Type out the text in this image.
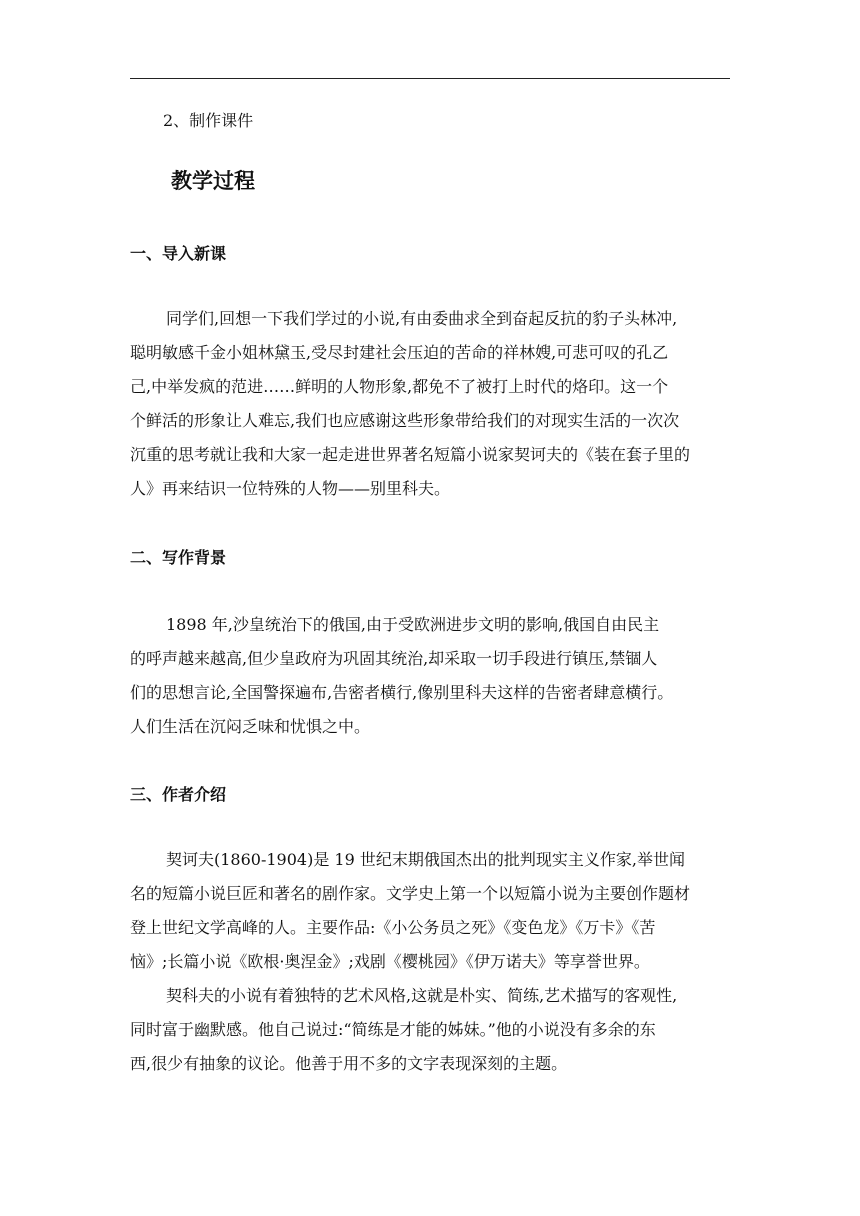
2、制作课件
教学过程
一、导入新课
同学们,回想一下我们学过的小说,有由委曲求全到奋起反抗的豹子头林冲,
聪明敏感千金小姐林黛玉,受尽封建社会压迫的苦命的祥林嫂,可悲可叹的孔乙
己,中举发疯的范进……鲜明的人物形象,都免不了被打上时代的烙印。这一个
个鲜活的形象让人难忘,我们也应感谢这些形象带给我们的对现实生活的一次次
沉重的思考就让我和大家一起走进世界著名短篇小说家契诃夫的《装在套子里的
人》再来结识一位特殊的人物——别里科夫。
二、写作背景
1898 年,沙皇统治下的俄国,由于受欧洲进步文明的影响,俄国自由民主
的呼声越来越高,但少皇政府为巩固其统治,却采取一切手段进行镇压,禁锢人
们的思想言论,全国警探遍布,告密者横行,像别里科夫这样的告密者肆意横行。
人们生活在沉闷乏味和忧惧之中。
三、作者介绍
契诃夫(1860-1904)是 19 世纪末期俄国杰出的批判现实主义作家,举世闻
名的短篇小说巨匠和著名的剧作家。文学史上第一个以短篇小说为主要创作题材
登上世纪文学高峰的人。主要作品:《小公务员之死》《变色龙》《万卡》《苦
恼》;长篇小说《欧根·奥涅金》;戏剧《樱桃园》《伊万诺夫》等享誉世界。
契科夫的小说有着独特的艺术风格,这就是朴实、简练,艺术描写的客观性,
同时富于幽默感。他自己说过:“简练是才能的姊妹。”他的小说没有多余的东
西,很少有抽象的议论。他善于用不多的文字表现深刻的主题。
